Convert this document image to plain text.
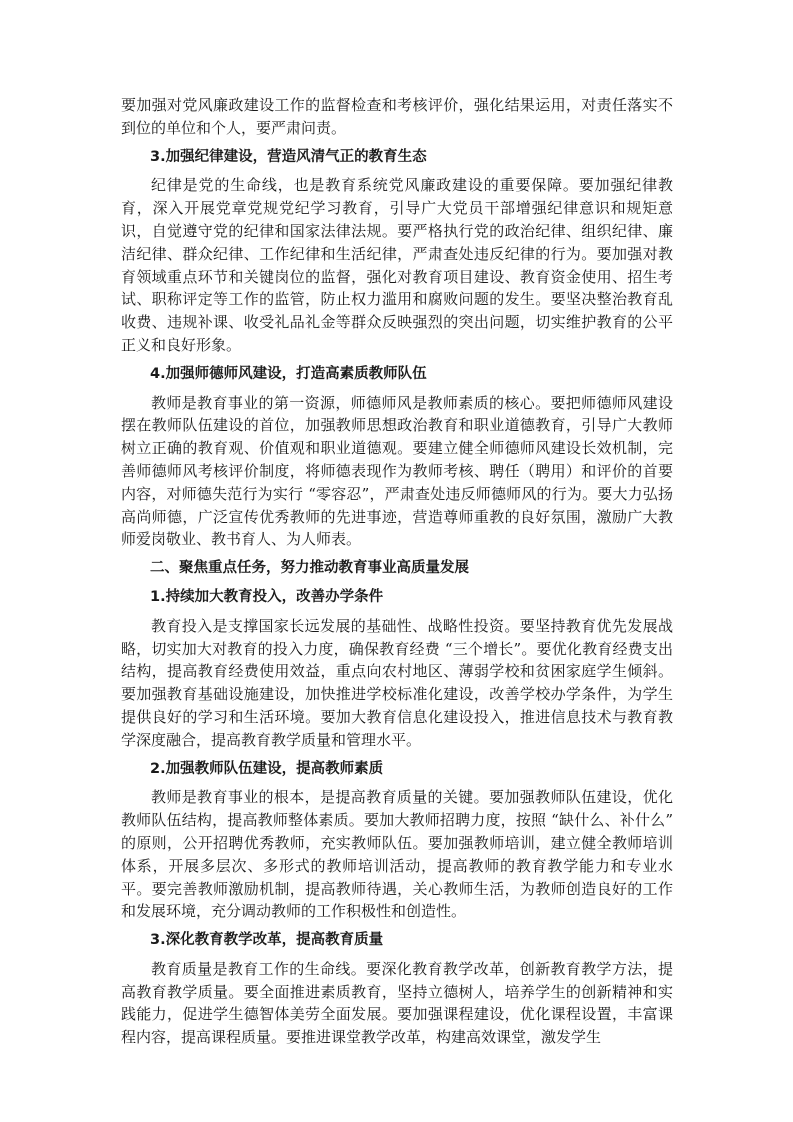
要加强对党风廉政建设工作的监督检查和考核评价，强化结果运用，对责任落实不到位的单位和个人，要严肃问责。

3.加强纪律建设，营造风清气正的教育生态

纪律是党的生命线，也是教育系统党风廉政建设的重要保障。要加强纪律教育，深入开展党章党规党纪学习教育，引导广大党员干部增强纪律意识和规矩意识，自觉遵守党的纪律和国家法律法规。要严格执行党的政治纪律、组织纪律、廉洁纪律、群众纪律、工作纪律和生活纪律，严肃查处违反纪律的行为。要加强对教育领域重点环节和关键岗位的监督，强化对教育项目建设、教育资金使用、招生考试、职称评定等工作的监管，防止权力滥用和腐败问题的发生。要坚决整治教育乱收费、违规补课、收受礼品礼金等群众反映强烈的突出问题，切实维护教育的公平正义和良好形象。

4.加强师德师风建设，打造高素质教师队伍

教师是教育事业的第一资源，师德师风是教师素质的核心。要把师德师风建设摆在教师队伍建设的首位，加强教师思想政治教育和职业道德教育，引导广大教师树立正确的教育观、价值观和职业道德观。要建立健全师德师风建设长效机制，完善师德师风考核评价制度，将师德表现作为教师考核、聘任（聘用）和评价的首要内容，对师德失范行为实行 “零容忍”，严肃查处违反师德师风的行为。要大力弘扬高尚师德，广泛宣传优秀教师的先进事迹，营造尊师重教的良好氛围，激励广大教师爱岗敬业、教书育人、为人师表。

二、聚焦重点任务，努力推动教育事业高质量发展

1.持续加大教育投入，改善办学条件

教育投入是支撑国家长远发展的基础性、战略性投资。要坚持教育优先发展战略，切实加大对教育的投入力度，确保教育经费 “三个增长”。要优化教育经费支出结构，提高教育经费使用效益，重点向农村地区、薄弱学校和贫困家庭学生倾斜。要加强教育基础设施建设，加快推进学校标准化建设，改善学校办学条件，为学生提供良好的学习和生活环境。要加大教育信息化建设投入，推进信息技术与教育教学深度融合，提高教育教学质量和管理水平。

2.加强教师队伍建设，提高教师素质

教师是教育事业的根本，是提高教育质量的关键。要加强教师队伍建设，优化教师队伍结构，提高教师整体素质。要加大教师招聘力度，按照 “缺什么、补什么” 的原则，公开招聘优秀教师，充实教师队伍。要加强教师培训，建立健全教师培训体系，开展多层次、多形式的教师培训活动，提高教师的教育教学能力和专业水平。要完善教师激励机制，提高教师待遇，关心教师生活，为教师创造良好的工作和发展环境，充分调动教师的工作积极性和创造性。

3.深化教育教学改革，提高教育质量

教育质量是教育工作的生命线。要深化教育教学改革，创新教育教学方法，提高教育教学质量。要全面推进素质教育，坚持立德树人，培养学生的创新精神和实践能力，促进学生德智体美劳全面发展。要加强课程建设，优化课程设置，丰富课程内容，提高课程质量。要推进课堂教学改革，构建高效课堂，激发学生
